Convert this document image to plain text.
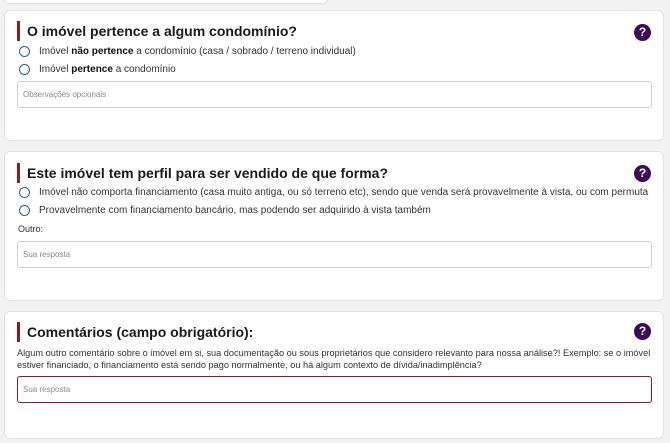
O imóvel pertence a algum condomínio?	?
Imóvel não pertence a condomínio (casa / sobrado / terreno individual)
Imóvel pertence a condomínio
Observações opcionais
Este imóvel tem perfil para ser vendido de que forma?	?
Imóvel não comporta financiamento (casa muito antiga, ou só terreno etc), sendo que venda será provavelmente à vista, ou com permuta
Provavelmente com financiamento bancário, mas podendo ser adquirido à vista também
Outro:
Sua resposta
Comentários (campo obrigatório):	?
Algum outro comentário sobre o imóvel em si, sua documentação ou sous proprietários que considero relevanto para nossa análise?! Exemplo: se o imóvel estiver financiado, o financiamento está sendo pago normalmente, ou há algum contexto de dívida/inadimplência?
Sua resposta
